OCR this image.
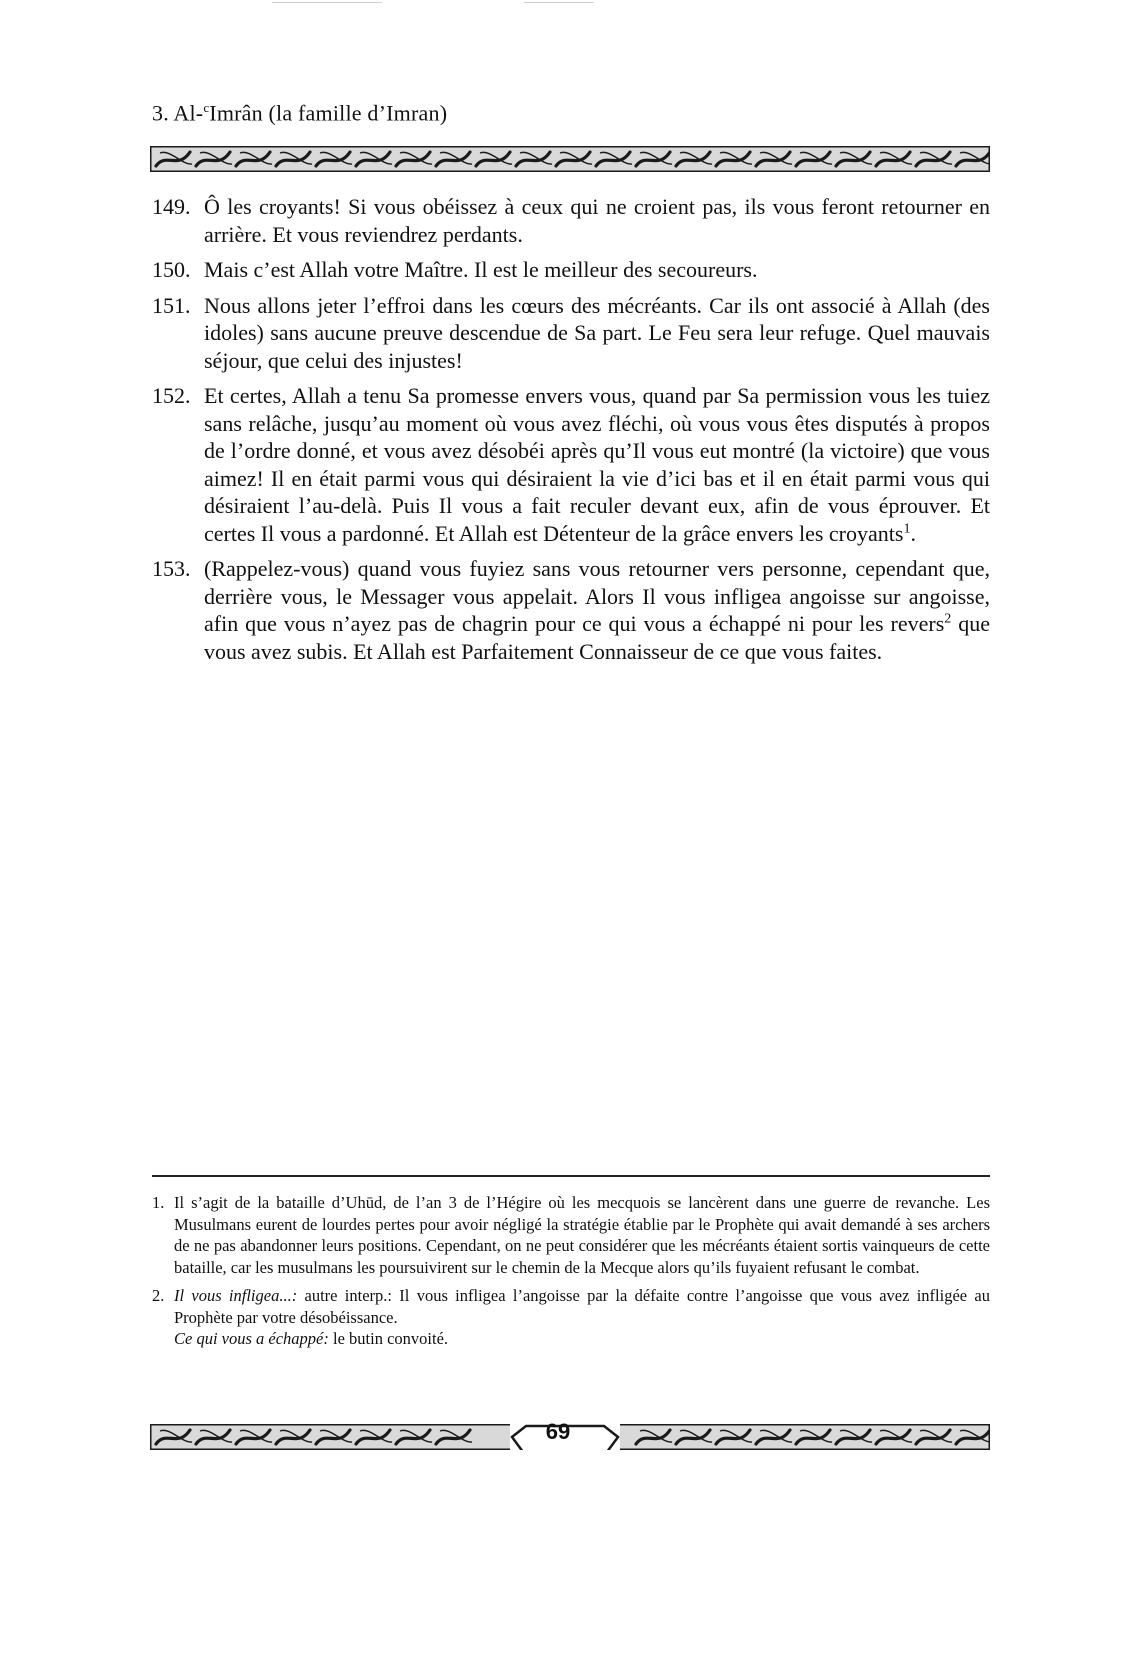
3. Al-$^c$Imrân (la famille d’Imran)
149. Ô les croyants! Si vous obéissez à ceux qui ne croient pas, ils vous feront retourner en arrière. Et vous reviendrez perdants.
150. Mais c’est Allah votre Maître. Il est le meilleur des secoureurs.
151. Nous allons jeter l’effroi dans les cœurs des mécréants. Car ils ont associé à Allah (des idoles) sans aucune preuve descendue de Sa part. Le Feu sera leur refuge. Quel mauvais séjour, que celui des injustes!
152. Et certes, Allah a tenu Sa promesse envers vous, quand par Sa permission vous les tuiez sans relâche, jusqu’au moment où vous avez fléchi, où vous vous êtes disputés à propos de l’ordre donné, et vous avez désobéi après qu’Il vous eut montré (la victoire) que vous aimez! Il en était parmi vous qui désiraient la vie d’ici bas et il en était parmi vous qui désiraient l’au-delà. Puis Il vous a fait reculer devant eux, afin de vous éprouver. Et certes Il vous a pardonné. Et Allah est Détenteur de la grâce envers les croyants$^1$.
153. (Rappelez-vous) quand vous fuyiez sans vous retourner vers personne, cependant que, derrière vous, le Messager vous appelait. Alors Il vous infligea angoisse sur angoisse, afin que vous n’ayez pas de chagrin pour ce qui vous a échappé ni pour les revers$^2$ que vous avez subis. Et Allah est Parfaitement Connaisseur de ce que vous faites.
1. Il s’agit de la bataille d’Uhūd, de l’an 3 de l’Hégire où les mecquois se lancèrent dans une guerre de revanche. Les Musulmans eurent de lourdes pertes pour avoir négligé la stratégie établie par le Prophète qui avait demandé à ses archers de ne pas abandonner leurs positions. Cependant, on ne peut considérer que les mécréants étaient sortis vainqueurs de cette bataille, car les musulmans les poursuivirent sur le chemin de la Mecque alors qu’ils fuyaient refusant le combat.
2. Il vous infligea...: autre interp.: Il vous infligea l’angoisse par la défaite contre l’angoisse que vous avez infligée au Prophète par votre désobéissance.

Ce qui vous a échappé: le butin convoité.

69
